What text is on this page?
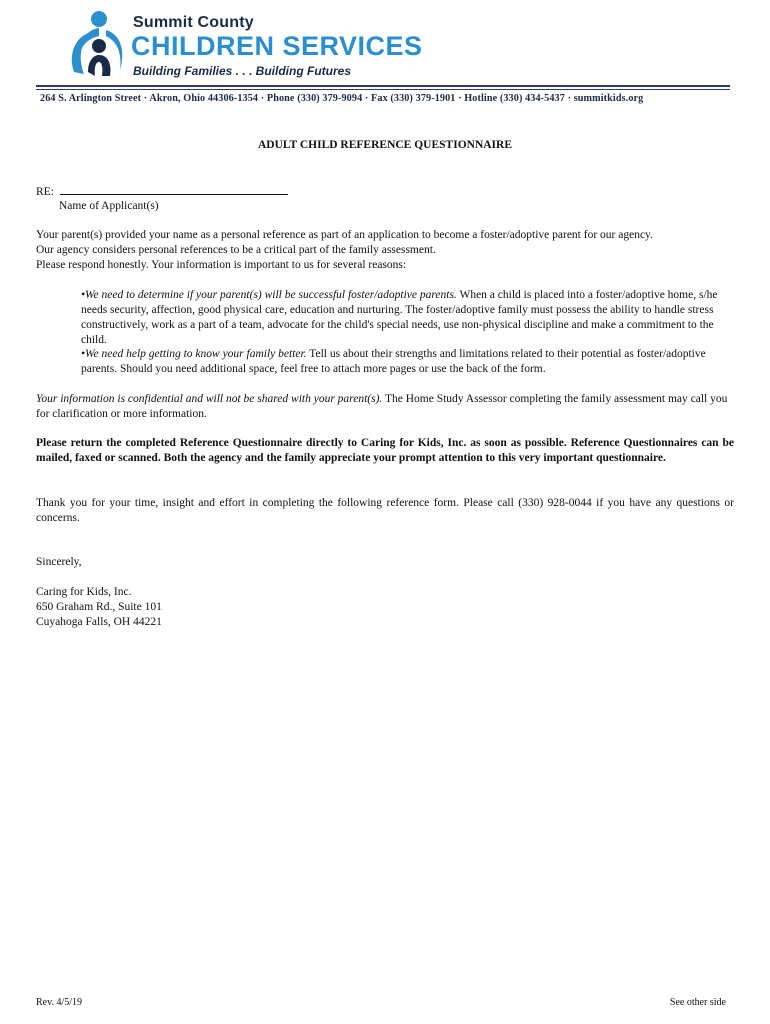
Summit County
CHILDREN SERVICES
Building Families . . . Building Futures
264 S. Arlington Street · Akron, Ohio 44306-1354 · Phone (330) 379-9094 · Fax (330) 379-1901 · Hotline (330) 434-5437 · summitkids.org
ADULT CHILD REFERENCE QUESTIONNAIRE
RE:
Name of Applicant(s)
Your parent(s) provided your name as a personal reference as part of an application to become a foster/adoptive parent for our agency.
Our agency considers personal references to be a critical part of the family assessment.
Please respond honestly. Your information is important to us for several reasons:
•We need to determine if your parent(s) will be successful foster/adoptive parents. When a child is placed into a foster/adoptive home, s/he needs security, affection, good physical care, education and nurturing. The foster/adoptive family must possess the ability to handle stress constructively, work as a part of a team, advocate for the child's special needs, use non-physical discipline and make a commitment to the child.
•We need help getting to know your family better. Tell us about their strengths and limitations related to their potential as foster/adoptive parents. Should you need additional space, feel free to attach more pages or use the back of the form.
Your information is confidential and will not be shared with your parent(s). The Home Study Assessor completing the family assessment may call you for clarification or more information.
Please return the completed Reference Questionnaire directly to Caring for Kids, Inc. as soon as possible. Reference Questionnaires can be mailed, faxed or scanned. Both the agency and the family appreciate your prompt attention to this very important questionnaire.
Thank you for your time, insight and effort in completing the following reference form. Please call (330) 928-0044 if you have any questions or concerns.
Sincerely,
Caring for Kids, Inc.
650 Graham Rd., Suite 101
Cuyahoga Falls, OH 44221
Rev. 4/5/19	See other side
